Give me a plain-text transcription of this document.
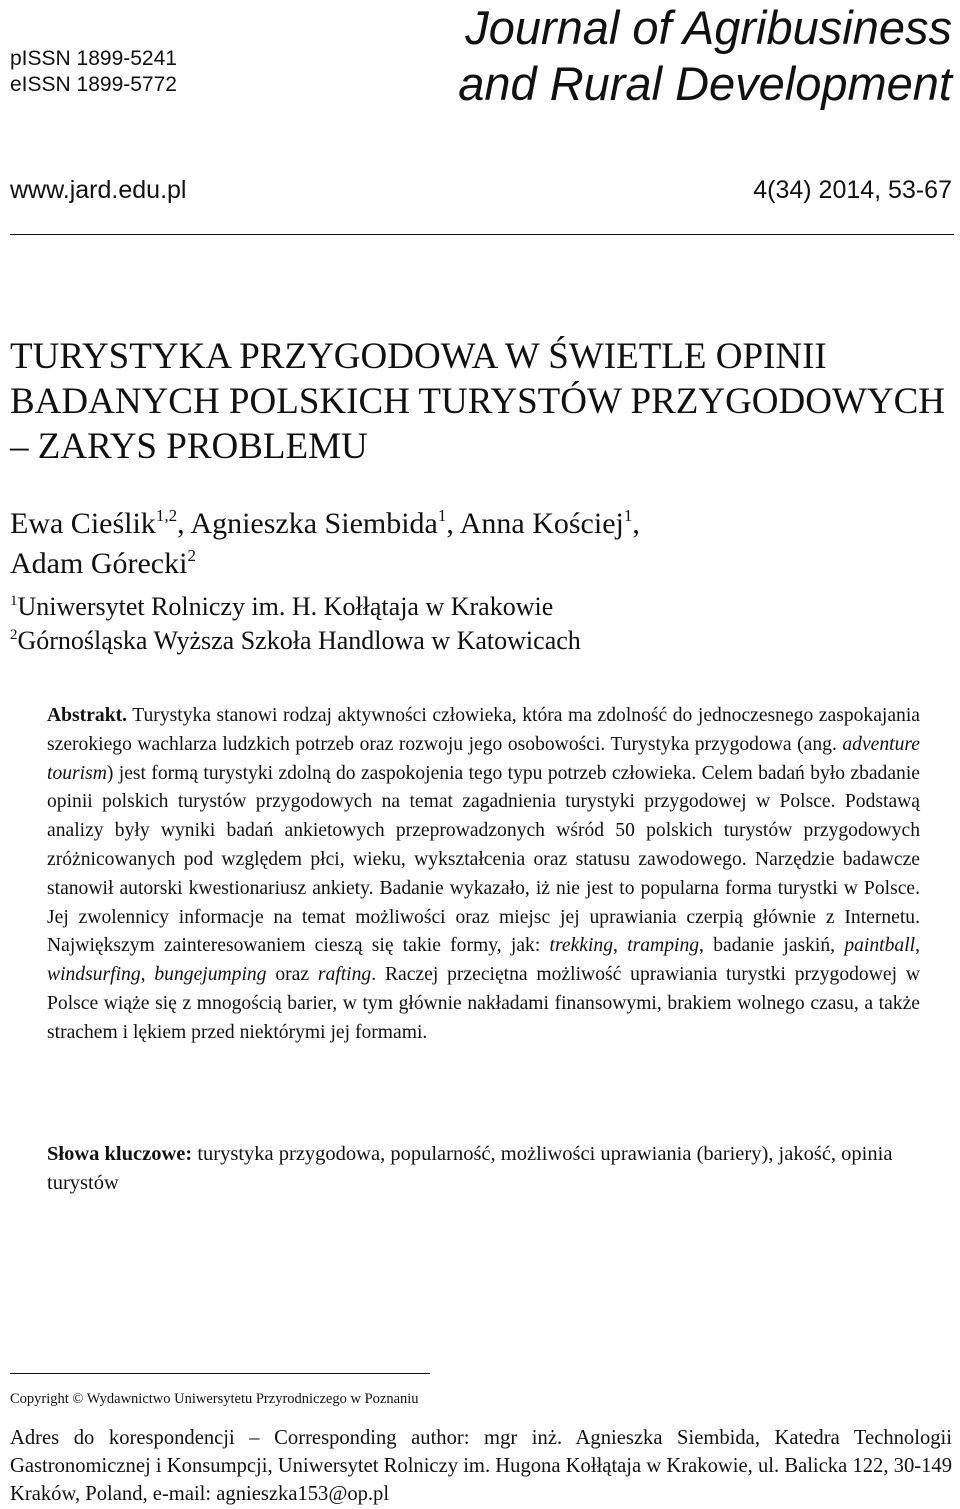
pISSN 1899-5241
eISSN 1899-5772
Journal of Agribusiness
and Rural Development
www.jard.edu.pl	4(34) 2014, 53-67
TURYSTYKA PRZYGODOWA W ŚWIETLE OPINII
BADANYCH POLSKICH TURYSTÓW PRZYGODOWYCH
– ZARYS PROBLEMU
Ewa Cieślik$^{1,2}$, Agnieszka Siembida$^1$, Anna Kościej$^1$,
Adam Górecki$^2$
$^1$Uniwersytet Rolniczy im. H. Kołłątaja w Krakowie
$^2$Górnośląska Wyższa Szkoła Handlowa w Katowicach
Abstrakt. Turystyka stanowi rodzaj aktywności człowieka, która ma zdolność do jednoczesnego zaspokajania szerokiego wachlarza ludzkich potrzeb oraz rozwoju jego osobowości. Turystyka przygodowa (ang. adventure tourism) jest formą turystyki zdolną do zaspokojenia tego typu potrzeb człowieka. Celem badań było zbadanie opinii polskich turystów przygodowych na temat zagadnienia turystyki przygodowej w Polsce. Podstawą analizy były wyniki badań ankietowych przeprowadzonych wśród 50 polskich turystów przygodowych zróżnicowanych pod względem płci, wieku, wykształcenia oraz statusu zawodowego. Narzędzie badawcze stanowił autorski kwestionariusz ankiety. Badanie wykazało, iż nie jest to popularna forma turystki w Polsce. Jej zwolennicy informacje na temat możliwości oraz miejsc jej uprawiania czerpią głównie z Internetu. Największym zainteresowaniem cieszą się takie formy, jak: trekking, tramping, badanie jaskiń, paintball, windsurfing, bungejumping oraz rafting. Raczej przeciętna możliwość uprawiania turystki przygodowej w Polsce wiąże się z mnogością barier, w tym głównie nakładami finansowymi, brakiem wolnego czasu, a także strachem i lękiem przed niektórymi jej formami.
Słowa kluczowe: turystyka przygodowa, popularność, możliwości uprawiania (bariery), jakość, opinia turystów
Copyright © Wydawnictwo Uniwersytetu Przyrodniczego w Poznaniu
Adres do korespondencji – Corresponding author: mgr inż. Agnieszka Siembida, Katedra Technologii Gastronomicznej i Konsumpcji, Uniwersytet Rolniczy im. Hugona Kołłątaja w Krakowie, ul. Balicka 122, 30-149 Kraków, Poland, e-mail: agnieszka153@op.pl
